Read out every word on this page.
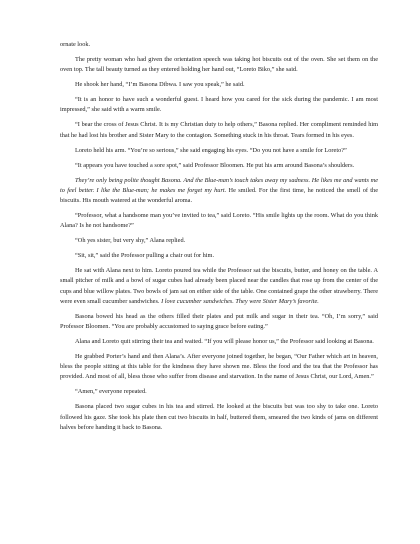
ornate look.

The pretty woman who had given the orientation speech was taking hot biscuits out of the oven. She set them on the oven top. The tall beauty turned as they entered holding her hand out, “Loreto Biko,” she said.

He shook her hand, “I’m Basona Dibwa. I saw you speak,” he said.

“It is an honor to have such a wonderful guest. I heard how you cared for the sick during the pandemic. I am most impressed,” she said with a warm smile.

“I bear the cross of Jesus Christ. It is my Christian duty to help others,” Basona replied. Her compliment reminded him that he had lost his brother and Sister Mary to the contagion. Something stuck in his throat. Tears formed in his eyes.

Loreto held his arm. “You’re so serious,” she said engaging his eyes. “Do you not have a smile for Loreto?”

“It appears you have touched a sore spot,” said Professor Bloomen. He put his arm around Basona’s shoulders.

They’re only being polite thought Basona. And the Blue-man’s touch takes away my sadness. He likes me and wants me to feel better. I like the Blue-man; he makes me forget my hurt. He smiled. For the first time, he noticed the smell of the biscuits. His mouth watered at the wonderful aroma.

“Professor, what a handsome man you’ve invited to tea,” said Loreto. “His smile lights up the room. What do you think Alana? Is he not handsome?”

“Oh yes sister, but very shy,” Alana replied.

“Sit, sit,” said the Professor pulling a chair out for him.

He sat with Alana next to him. Loreto poured tea while the Professor sat the biscuits, butter, and honey on the table. A small pitcher of milk and a bowl of sugar cubes had already been placed near the candles that rose up from the center of the cups and blue willow plates. Two bowls of jam sat on either side of the table. One contained grape the other strawberry. There were even small cucumber sandwiches. I love cucumber sandwiches. They were Sister Mary’s favorite.

Basona bowed his head as the others filled their plates and put milk and sugar in their tea. “Oh, I’m sorry,” said Professor Bloomen. “You are probably accustomed to saying grace before eating.”

Alana and Loreto quit stirring their tea and waited. “If you will please honor us,” the Professor said looking at Basona.

He grabbed Porter’s hand and then Alana’s. After everyone joined together, he began, “Our Father which art in heaven, bless the people sitting at this table for the kindness they have shown me. Bless the food and the tea that the Professor has provided. And most of all, bless those who suffer from disease and starvation. In the name of Jesus Christ, our Lord, Amen.”

“Amen,” everyone repeated.

Basona placed two sugar cubes in his tea and stirred. He looked at the biscuits but was too shy to take one. Loreto followed his gaze. She took his plate then cut two biscuits in half, buttered them, smeared the two kinds of jams on different halves before handing it back to Basona.
